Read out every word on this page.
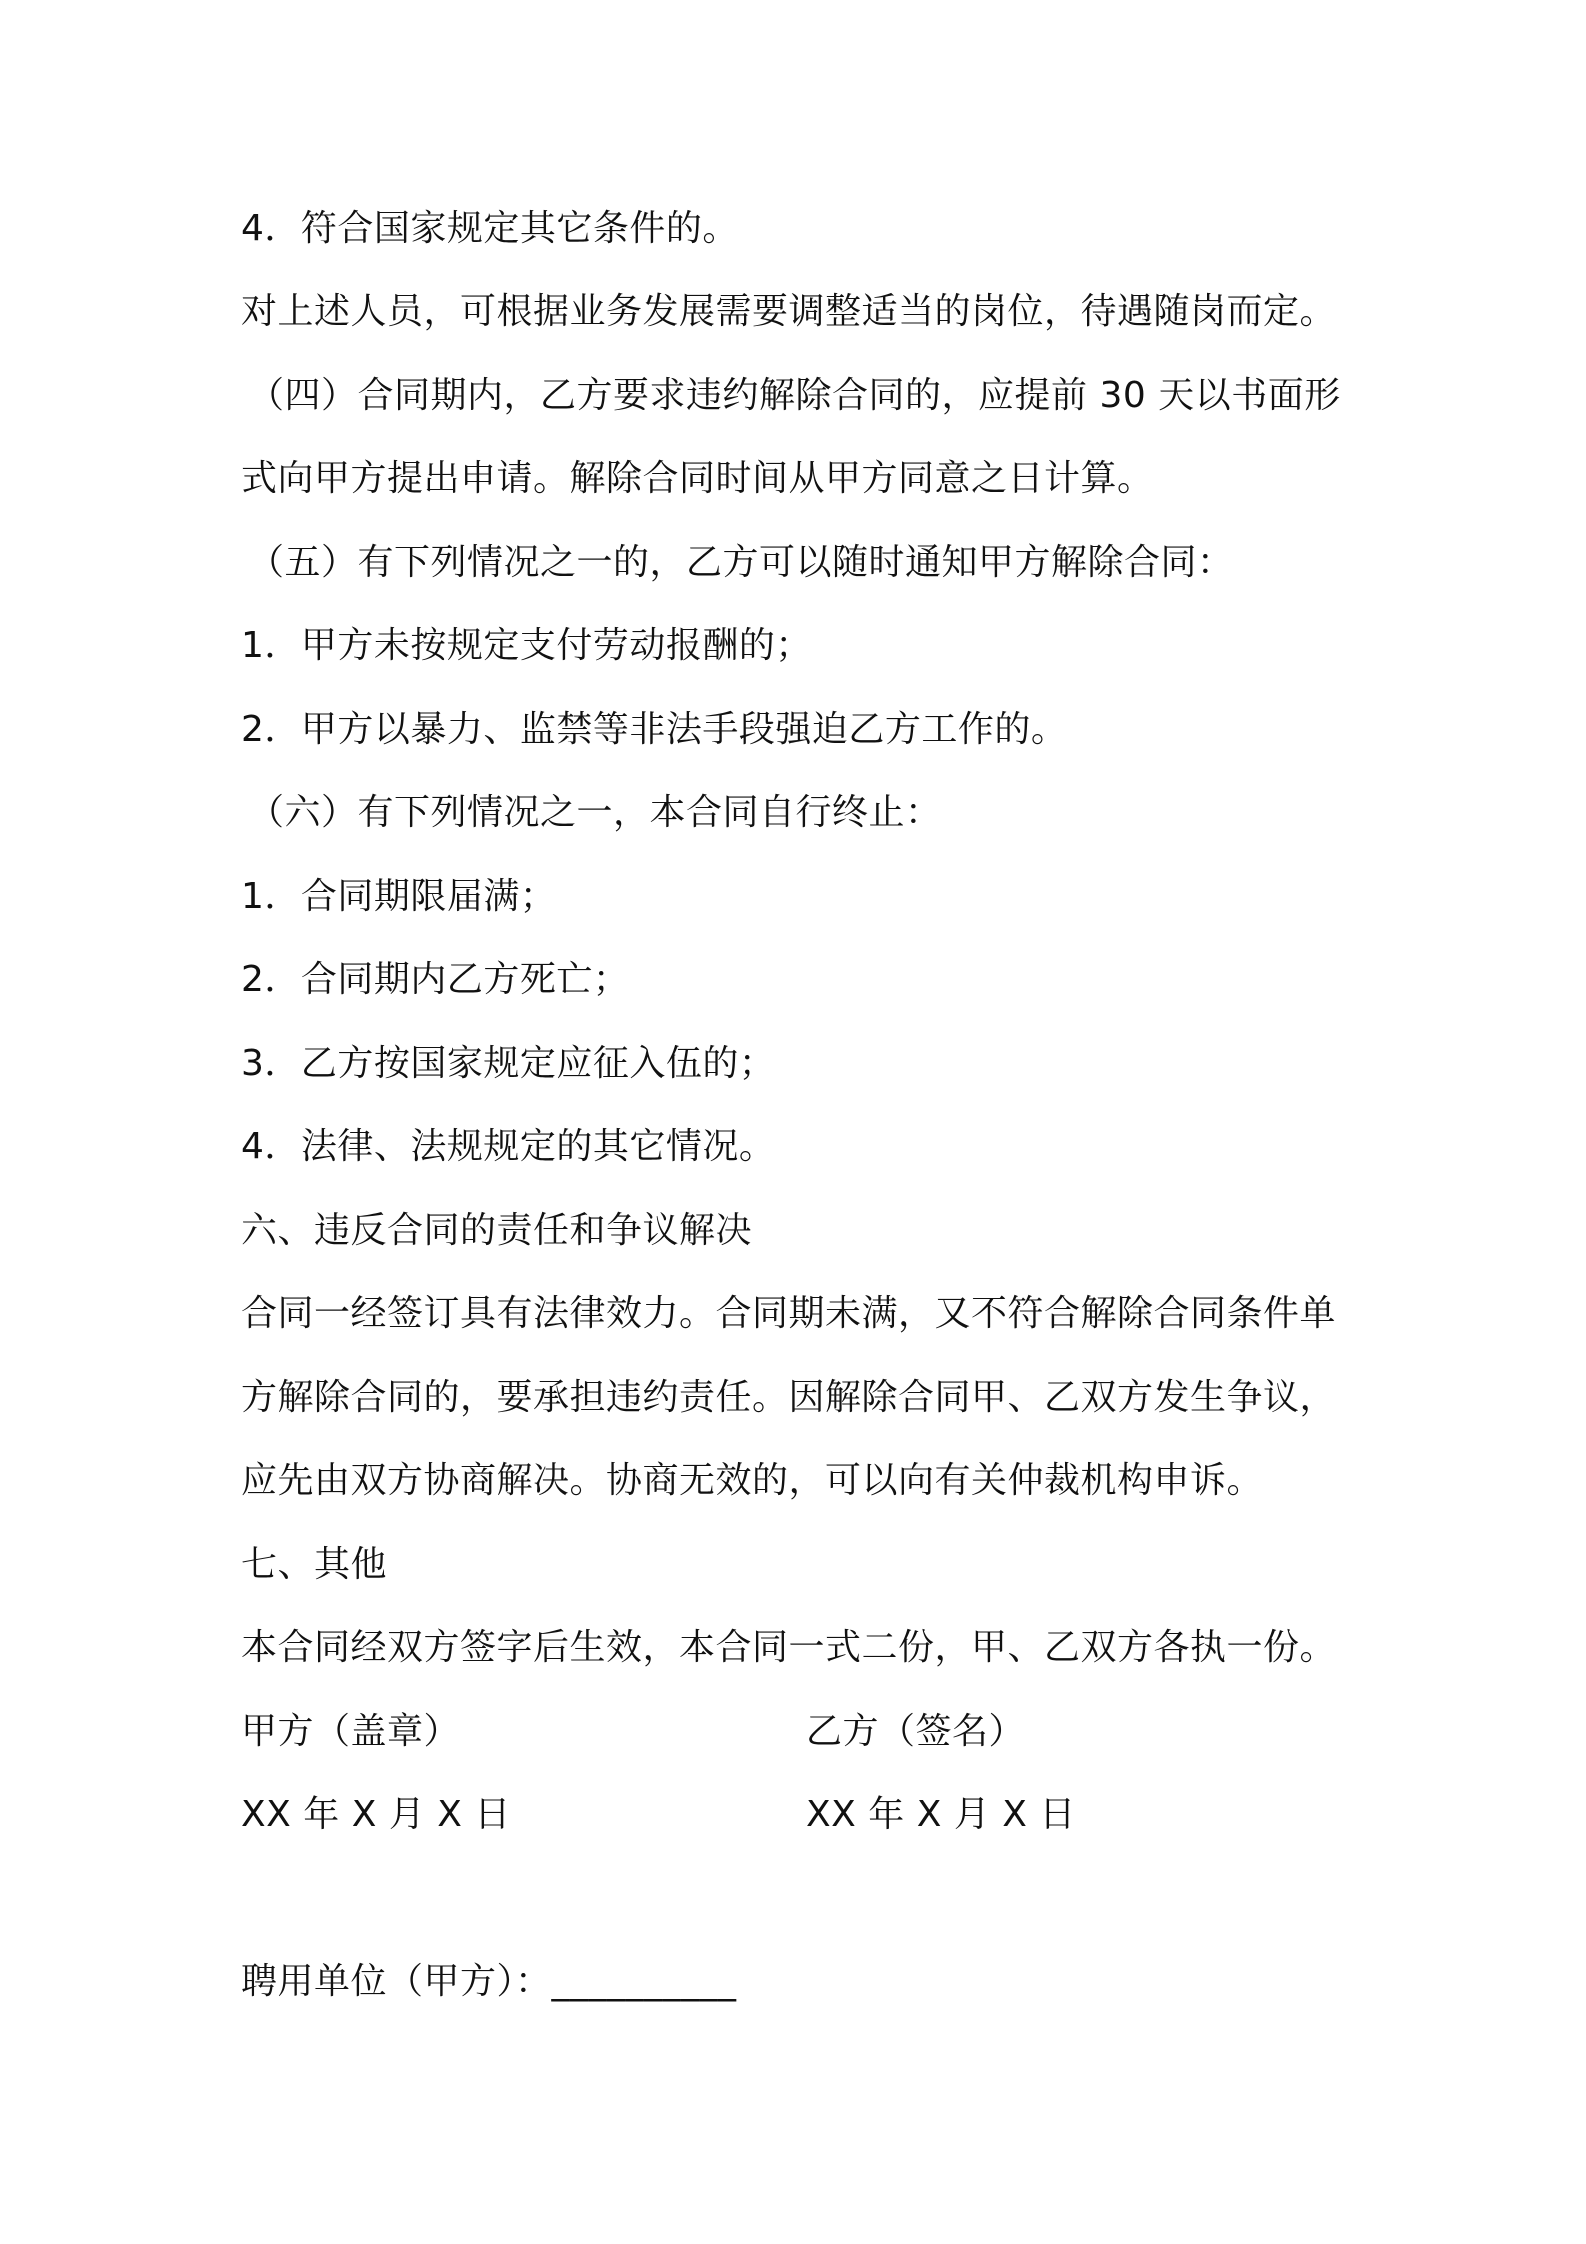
4．符合国家规定其它条件的。
对上述人员，可根据业务发展需要调整适当的岗位，待遇随岗而定。
（四）合同期内，乙方要求违约解除合同的，应提前 30 天以书面形
式向甲方提出申请。解除合同时间从甲方同意之日计算。
（五）有下列情况之一的，乙方可以随时通知甲方解除合同：
1．甲方未按规定支付劳动报酬的；
2．甲方以暴力、监禁等非法手段强迫乙方工作的。
（六）有下列情况之一，本合同自行终止：
1．合同期限届满；
2．合同期内乙方死亡；
3．乙方按国家规定应征入伍的；
4．法律、法规规定的其它情况。
六、违反合同的责任和争议解决
合同一经签订具有法律效力。合同期未满，又不符合解除合同条件单
方解除合同的，要承担违约责任。因解除合同甲、乙双方发生争议，
应先由双方协商解决。协商无效的，可以向有关仲裁机构申诉。
七、其他
本合同经双方签字后生效，本合同一式二份，甲、乙双方各执一份。
甲方（盖章）	乙方（签名）
XX 年 X 月 X 日	XX 年 X 月 X 日
聘用单位（甲方）：__________
